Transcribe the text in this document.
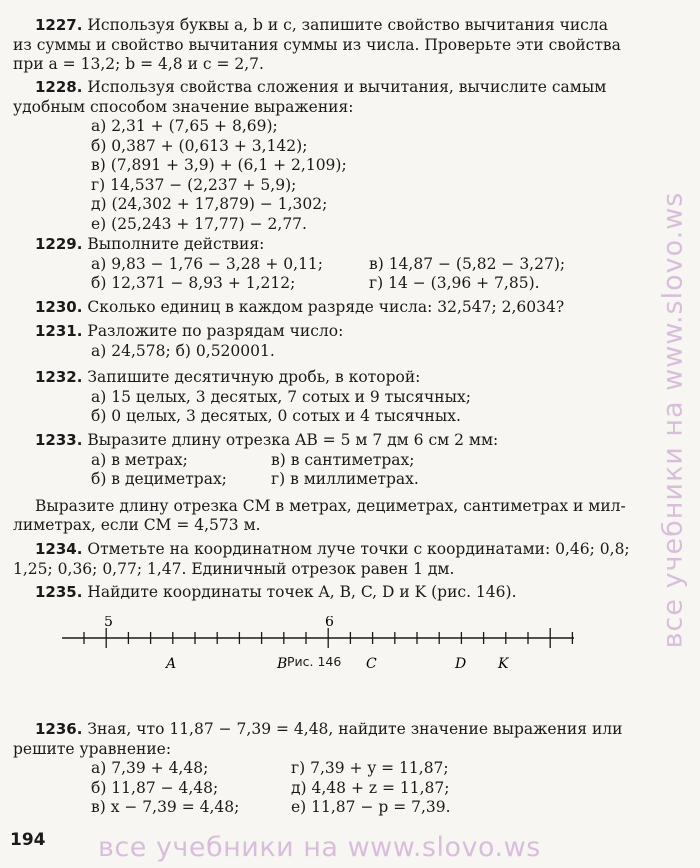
1227. Используя буквы a, b и c, запишите свойство вычитания числа
из суммы и свойство вычитания суммы из числа. Проверьте эти свойства
при a = 13,2; b = 4,8 и c = 2,7.
1228. Используя свойства сложения и вычитания, вычислите самым
удобным способом значение выражения:
а) 2,31 + (7,65 + 8,69);
б) 0,387 + (0,613 + 3,142);
в) (7,891 + 3,9) + (6,1 + 2,109);
г) 14,537 − (2,237 + 5,9);
д) (24,302 + 17,879) − 1,302;
е) (25,243 + 17,77) − 2,77.
1229. Выполните действия:
а) 9,83 − 1,76 − 3,28 + 0,11;	в) 14,87 − (5,82 − 3,27);
б) 12,371 − 8,93 + 1,212;	г) 14 − (3,96 + 7,85).
1230. Сколько единиц в каждом разряде числа: 32,547; 2,6034?
1231. Разложите по разрядам число:
а) 24,578; б) 0,520001.
1232. Запишите десятичную дробь, в которой:
а) 15 целых, 3 десятых, 7 сотых и 9 тысячных;
б) 0 целых, 3 десятых, 0 сотых и 4 тысячных.
1233. Выразите длину отрезка AB = 5 м 7 дм 6 см 2 мм:
а) в метрах;	в) в сантиметрах;
б) в дециметрах;	г) в миллиметрах.
Выразите длину отрезка CM в метрах, дециметрах, сантиметрах и мил-
лиметрах, если CM = 4,573 м.
1234. Отметьте на координатном луче точки с координатами: 0,46; 0,8;
1,25; 0,36; 0,77; 1,47. Единичный отрезок равен 1 дм.
1235. Найдите координаты точек A, B, C, D и K (рис. 146).
5	6
A	B	C	D K
Рис. 146
1236. Зная, что 11,87 − 7,39 = 4,48, найдите значение выражения или
решите уравнение:
а) 7,39 + 4,48;	г) 7,39 + y = 11,87;
б) 11,87 − 4,48;	д) 4,48 + z = 11,87;
в) x − 7,39 = 4,48;	е) 11,87 − p = 7,39.
194
все учебники на www.slovo.ws
все учебники на www.slovo.ws
